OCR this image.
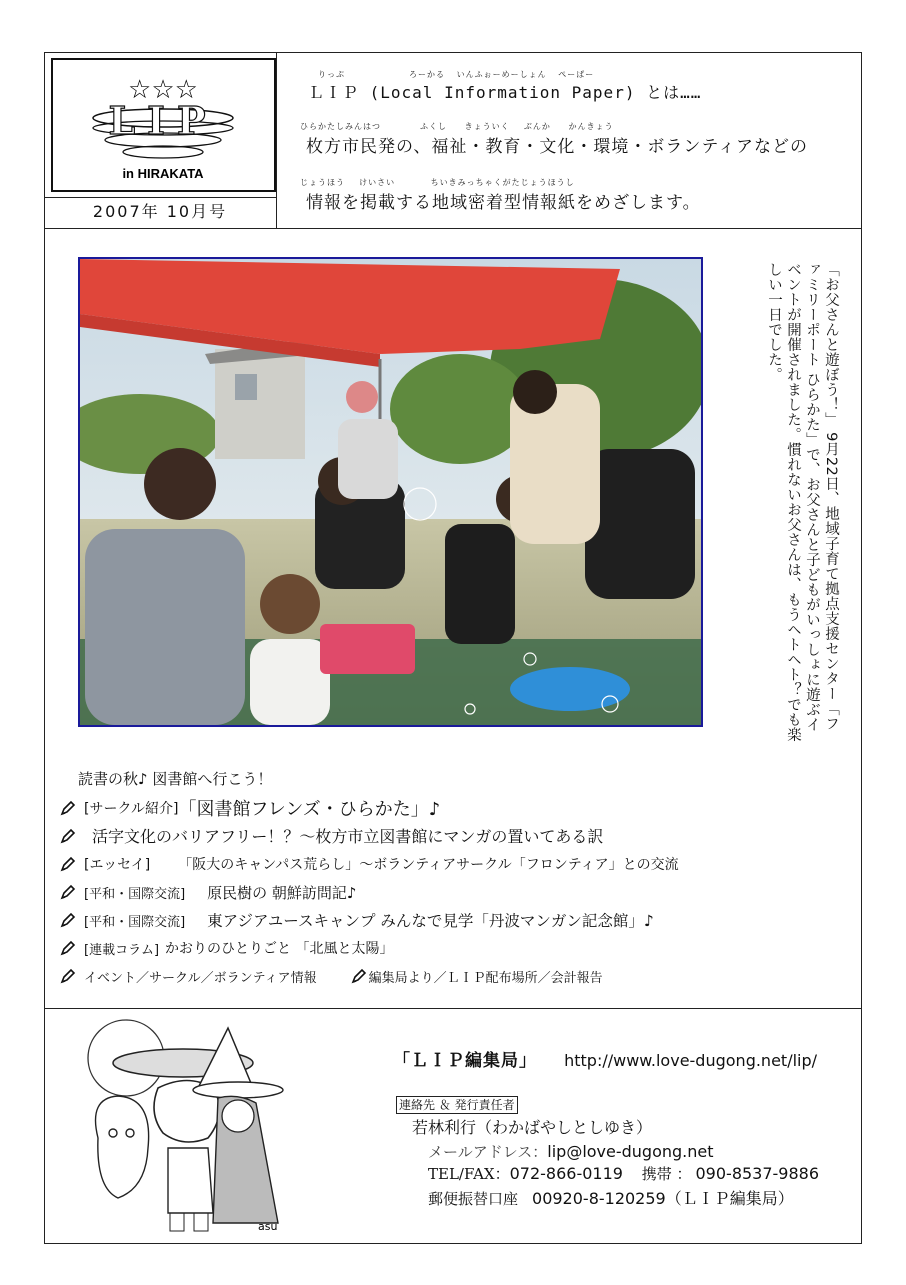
☆☆☆
LIP
in HIRAKATA
2007年 10月号
りっぷ           ろーかる  いんふぉーめーしょん  ぺーぱー
ＬＩＰ (Local Information Paper) とは……
ひらかたしみんはつ           ふくし     きょういく    ぶんか     かんきょう
枚方市民発の、福祉・教育・文化・環境・ボランティアなどの
じょうほう    けいさい          ちいきみっちゃくがたじょうほうし
情報を掲載する地域密着型情報紙をめざします。
「お父さんと遊ぼう！」 9月22日、地域子育て拠点支援センター「ファミリーポート ひらかた」で、お父さんと子どもがいっしょに遊ぶイベントが開催されました。慣れないお父さんは、もうヘトヘト？でも楽しい一日でした。
読書の秋♪ 図書館へ行こう！
[サークル紹介] 「図書館フレンズ・ひらかた」♪
活字文化のバリアフリー！？～枚方市立図書館にマンガの置いてある訳
[エッセイ] 「阪大のキャンパス荒らし」～ボランティアサークル「フロンティア」との交流
[平和・国際交流] 原民樹の 朝鮮訪問記♪
[平和・国際交流] 東アジアユースキャンプ みんなで見学「丹波マンガン記念館」♪
[連載コラム] かおりのひとりごと 「北風と太陽」
イベント／サークル／ボランティア情報	編集局より／ＬＩＰ配布場所／会計報告
asu
「ＬＩＰ編集局」 http://www.love-dugong.net/lip/
連絡先 ＆ 発行責任者
若林利行（わかばやしとしゆき）
メールアドレス：lip@love-dugong.net
TEL/FAX：072-866-0119 携帯 ： 090-8537-9886
郵便振替口座 00920-8-120259（ＬＩＰ編集局）
